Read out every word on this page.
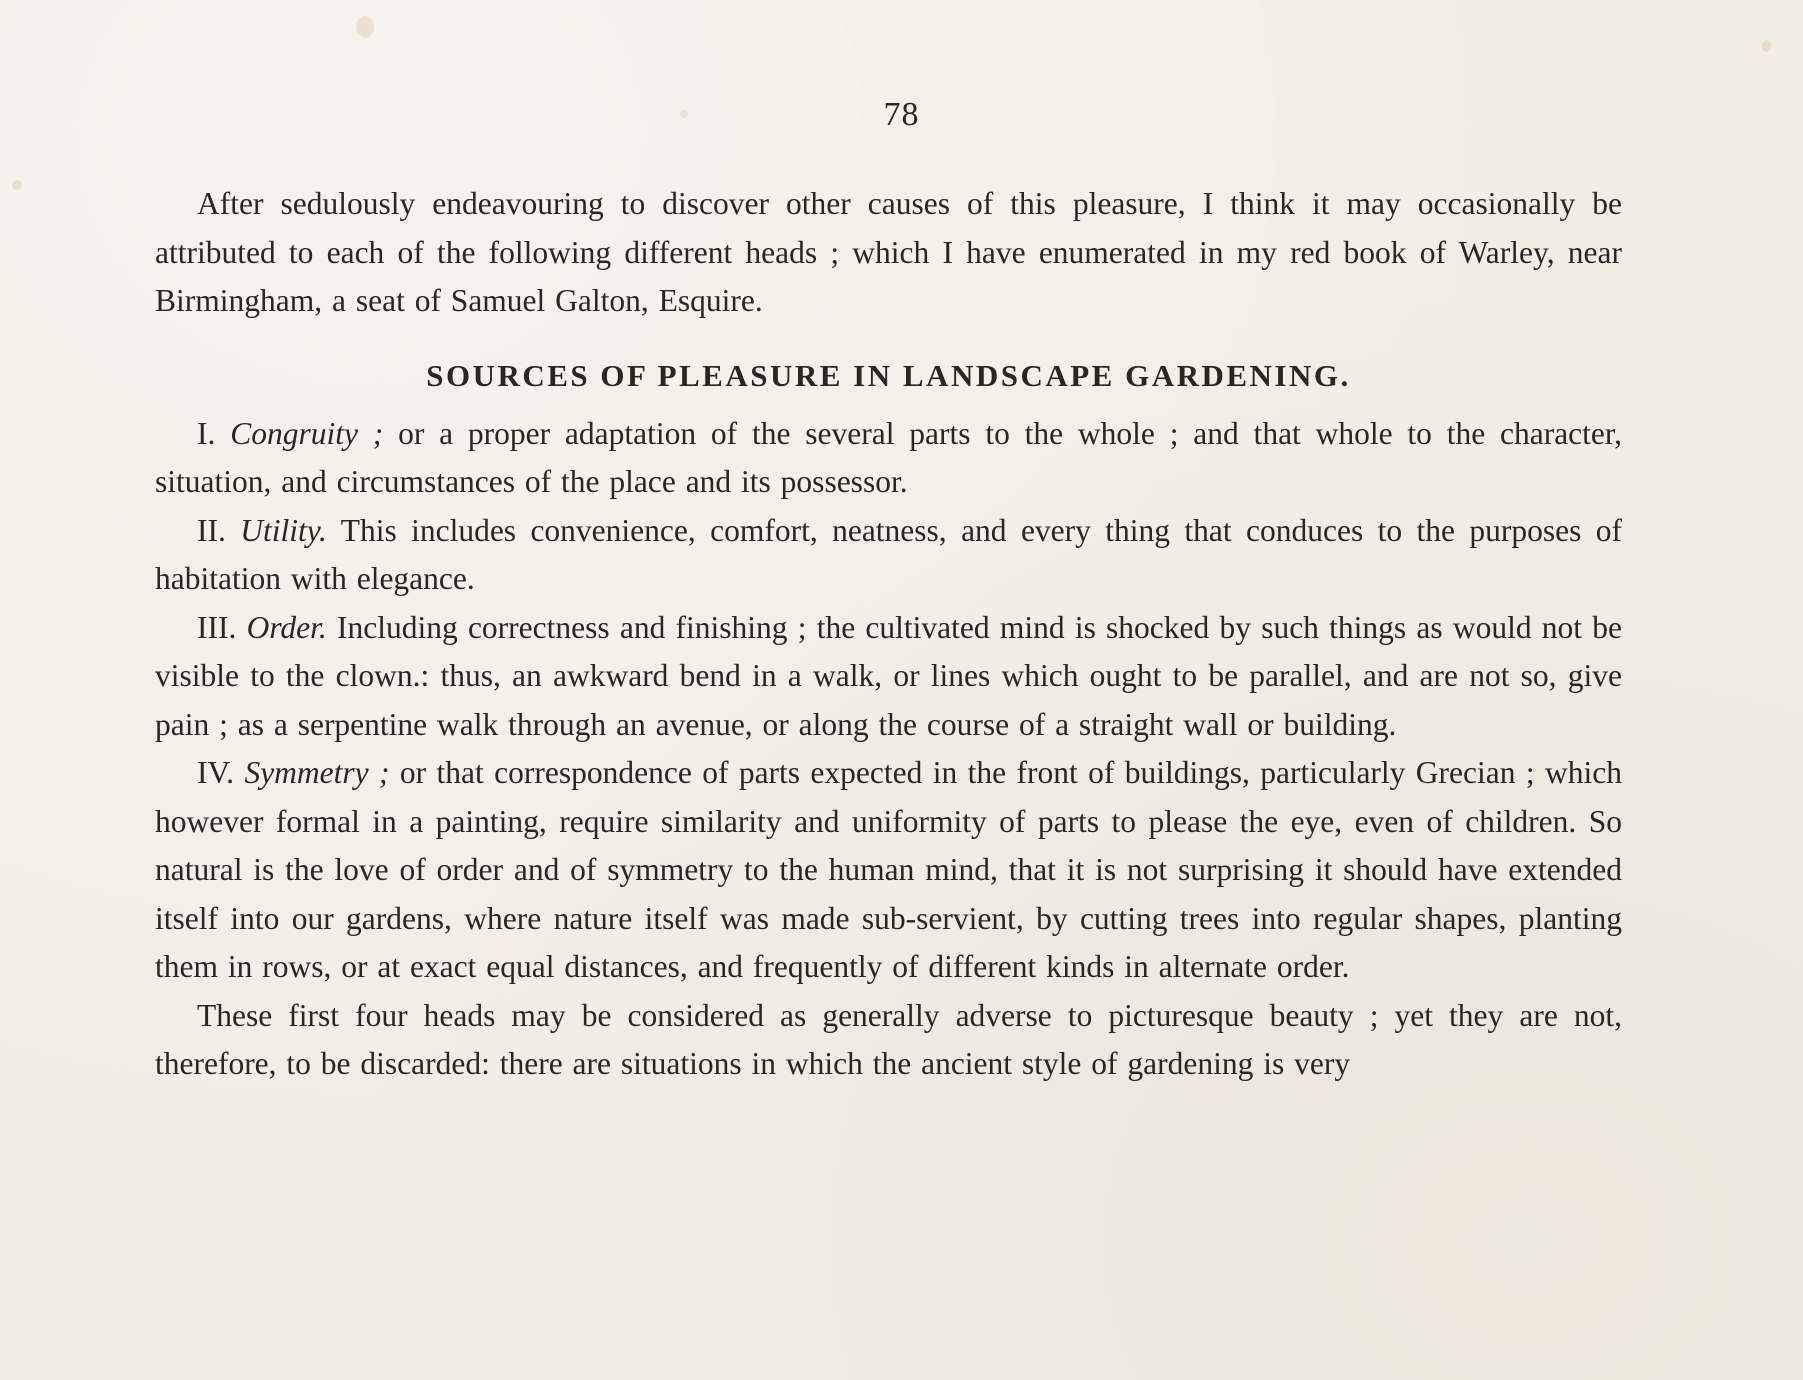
78

After sedulously endeavouring to discover other causes of this pleasure, I think it may occasionally be attributed to each of the following different heads ; which I have enumerated in my red book of Warley, near Birmingham, a seat of Samuel Galton, Esquire.

SOURCES OF PLEASURE IN LANDSCAPE GARDENING.

I. Congruity ; or a proper adaptation of the several parts to the whole ; and that whole to the character, situation, and circumstances of the place and its possessor.

II. Utility. This includes convenience, comfort, neatness, and every thing that conduces to the purposes of habitation with elegance.

III. Order. Including correctness and finishing ; the cultivated mind is shocked by such things as would not be visible to the clown.: thus, an awkward bend in a walk, or lines which ought to be parallel, and are not so, give pain ; as a serpentine walk through an avenue, or along the course of a straight wall or building.

IV. Symmetry ; or that correspondence of parts expected in the front of buildings, particularly Grecian ; which however formal in a painting, require similarity and uniformity of parts to please the eye, even of children. So natural is the love of order and of symmetry to the human mind, that it is not surprising it should have extended itself into our gardens, where nature itself was made sub-servient, by cutting trees into regular shapes, planting them in rows, or at exact equal distances, and frequently of different kinds in alternate order.

These first four heads may be considered as generally adverse to picturesque beauty ; yet they are not, therefore, to be discarded: there are situations in which the ancient style of gardening is very
